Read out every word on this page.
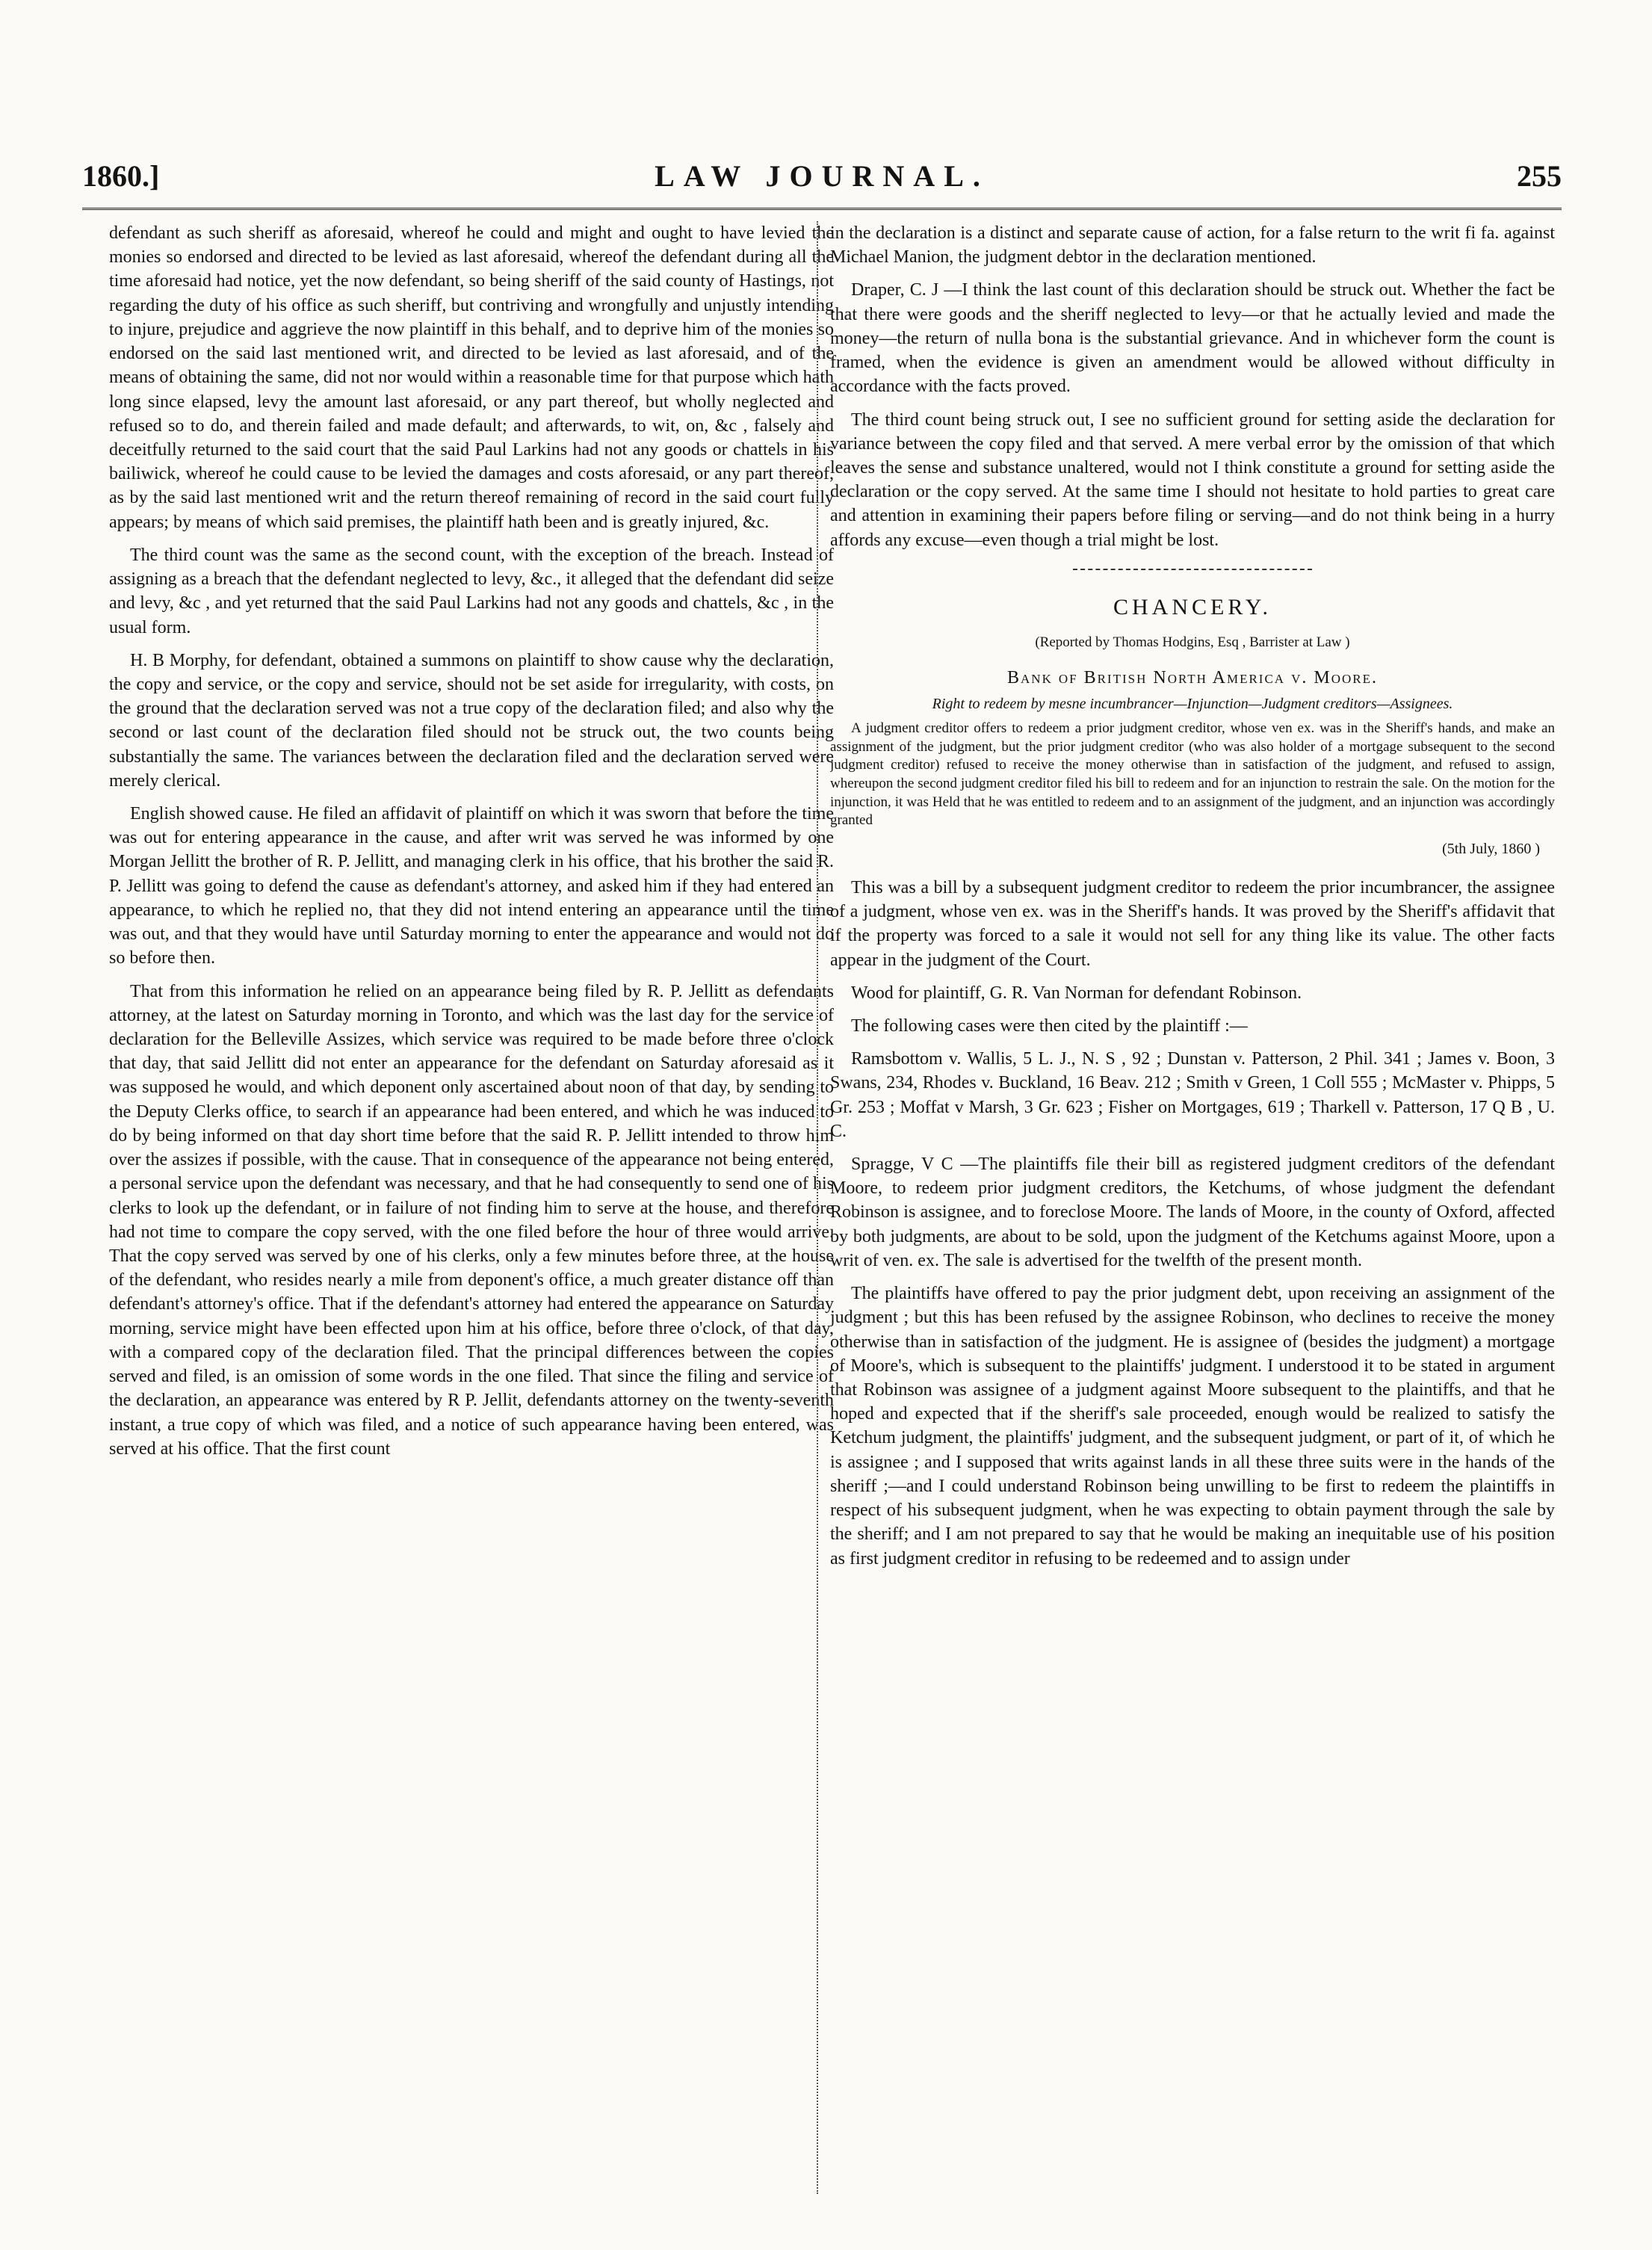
1860.]	LAW JOURNAL.	255

defendant as such sheriff as aforesaid, whereof he could and might and ought to have levied the monies so endorsed and directed to be levied as last aforesaid, whereof the defendant during all the time aforesaid had notice, yet the now defendant, so being sheriff of the said county of Hastings, not regarding the duty of his office as such sheriff, but contriving and wrongfully and unjustly intending to injure, prejudice and aggrieve the now plaintiff in this behalf, and to deprive him of the monies so endorsed on the said last mentioned writ, and directed to be levied as last aforesaid, and of the means of obtaining the same, did not nor would within a reasonable time for that purpose which hath long since elapsed, levy the amount last aforesaid, or any part thereof, but wholly neglected and refused so to do, and therein failed and made default; and afterwards, to wit, on, &c , falsely and deceitfully returned to the said court that the said Paul Larkins had not any goods or chattels in his bailiwick, whereof he could cause to be levied the damages and costs aforesaid, or any part thereof, as by the said last mentioned writ and the return thereof remaining of record in the said court fully appears; by means of which said premises, the plaintiff hath been and is greatly injured, &c.

The third count was the same as the second count, with the exception of the breach. Instead of assigning as a breach that the defendant neglected to levy, &c., it alleged that the defendant did seize and levy, &c , and yet returned that the said Paul Larkins had not any goods and chattels, &c , in the usual form.

H. B Morphy, for defendant, obtained a summons on plaintiff to show cause why the declaration, the copy and service, or the copy and service, should not be set aside for irregularity, with costs, on the ground that the declaration served was not a true copy of the declaration filed; and also why the second or last count of the declaration filed should not be struck out, the two counts being substantially the same. The variances between the declaration filed and the declaration served were merely clerical.

English showed cause. He filed an affidavit of plaintiff on which it was sworn that before the time was out for entering appearance in the cause, and after writ was served he was informed by one Morgan Jellitt the brother of R. P. Jellitt, and managing clerk in his office, that his brother the said R. P. Jellitt was going to defend the cause as defendant's attorney, and asked him if they had entered an appearance, to which he replied no, that they did not intend entering an appearance until the time was out, and that they would have until Saturday morning to enter the appearance and would not do so before then.

That from this information he relied on an appearance being filed by R. P. Jellitt as defendants attorney, at the latest on Saturday morning in Toronto, and which was the last day for the service of declaration for the Belleville Assizes, which service was required to be made before three o'clock that day, that said Jellitt did not enter an appearance for the defendant on Saturday aforesaid as it was supposed he would, and which deponent only ascertained about noon of that day, by sending to the Deputy Clerks office, to search if an appearance had been entered, and which he was induced to do by being informed on that day short time before that the said R. P. Jellitt intended to throw him over the assizes if possible, with the cause. That in consequence of the appearance not being entered, a personal service upon the defendant was necessary, and that he had consequently to send one of his clerks to look up the defendant, or in failure of not finding him to serve at the house, and therefore had not time to compare the copy served, with the one filed before the hour of three would arrive. That the copy served was served by one of his clerks, only a few minutes before three, at the house of the defendant, who resides nearly a mile from deponent's office, a much greater distance off than defendant's attorney's office. That if the defendant's attorney had entered the appearance on Saturday morning, service might have been effected upon him at his office, before three o'clock, of that day, with a compared copy of the declaration filed. That the principal differences between the copies served and filed, is an omission of some words in the one filed. That since the filing and service of the declaration, an appearance was entered by R P. Jellit, defendants attorney on the twenty-seventh instant, a true copy of which was filed, and a notice of such appearance having been entered, was served at his office. That the first count

in the declaration is a distinct and separate cause of action, for a false return to the writ fi fa. against Michael Manion, the judgment debtor in the declaration mentioned.

Draper, C. J —I think the last count of this declaration should be struck out. Whether the fact be that there were goods and the sheriff neglected to levy—or that he actually levied and made the money—the return of nulla bona is the substantial grievance. And in whichever form the count is framed, when the evidence is given an amendment would be allowed without difficulty in accordance with the facts proved.

The third count being struck out, I see no sufficient ground for setting aside the declaration for variance between the copy filed and that served. A mere verbal error by the omission of that which leaves the sense and substance unaltered, would not I think constitute a ground for setting aside the declaration or the copy served. At the same time I should not hesitate to hold parties to great care and attention in examining their papers before filing or serving—and do not think being in a hurry affords any excuse—even though a trial might be lost.

CHANCERY.
(Reported by Thomas Hodgins, Esq , Barrister at Law )
Bank of British North America v. Moore.
Right to redeem by mesne incumbrancer—Injunction—Judgment creditors—Assignees.

A judgment creditor offers to redeem a prior judgment creditor, whose ven ex. was in the Sheriff's hands, and make an assignment of the judgment, but the prior judgment creditor (who was also holder of a mortgage subsequent to the second judgment creditor) refused to receive the money otherwise than in satisfaction of the judgment, and refused to assign, whereupon the second judgment creditor filed his bill to redeem and for an injunction to restrain the sale. On the motion for the injunction, it was Held that he was entitled to redeem and to an assignment of the judgment, and an injunction was accordingly granted

(5th July, 1860 )

This was a bill by a subsequent judgment creditor to redeem the prior incumbrancer, the assignee of a judgment, whose ven ex. was in the Sheriff's hands. It was proved by the Sheriff's affidavit that if the property was forced to a sale it would not sell for any thing like its value. The other facts appear in the judgment of the Court.

Wood for plaintiff, G. R. Van Norman for defendant Robinson.

The following cases were then cited by the plaintiff :—

Ramsbottom v. Wallis, 5 L. J., N. S , 92 ; Dunstan v. Patterson, 2 Phil. 341 ; James v. Boon, 3 Swans, 234, Rhodes v. Buckland, 16 Beav. 212 ; Smith v Green, 1 Coll 555 ; McMaster v. Phipps, 5 Gr. 253 ; Moffat v Marsh, 3 Gr. 623 ; Fisher on Mortgages, 619 ; Tharkell v. Patterson, 17 Q B , U. C.

Spragge, V C —The plaintiffs file their bill as registered judgment creditors of the defendant Moore, to redeem prior judgment creditors, the Ketchums, of whose judgment the defendant Robinson is assignee, and to foreclose Moore. The lands of Moore, in the county of Oxford, affected by both judgments, are about to be sold, upon the judgment of the Ketchums against Moore, upon a writ of ven. ex. The sale is advertised for the twelfth of the present month.

The plaintiffs have offered to pay the prior judgment debt, upon receiving an assignment of the judgment ; but this has been refused by the assignee Robinson, who declines to receive the money otherwise than in satisfaction of the judgment. He is assignee of (besides the judgment) a mortgage of Moore's, which is subsequent to the plaintiffs' judgment. I understood it to be stated in argument that Robinson was assignee of a judgment against Moore subsequent to the plaintiffs, and that he hoped and expected that if the sheriff's sale proceeded, enough would be realized to satisfy the Ketchum judgment, the plaintiffs' judgment, and the subsequent judgment, or part of it, of which he is assignee ; and I supposed that writs against lands in all these three suits were in the hands of the sheriff ;—and I could understand Robinson being unwilling to be first to redeem the plaintiffs in respect of his subsequent judgment, when he was expecting to obtain payment through the sale by the sheriff; and I am not prepared to say that he would be making an inequitable use of his position as first judgment creditor in refusing to be redeemed and to assign under
